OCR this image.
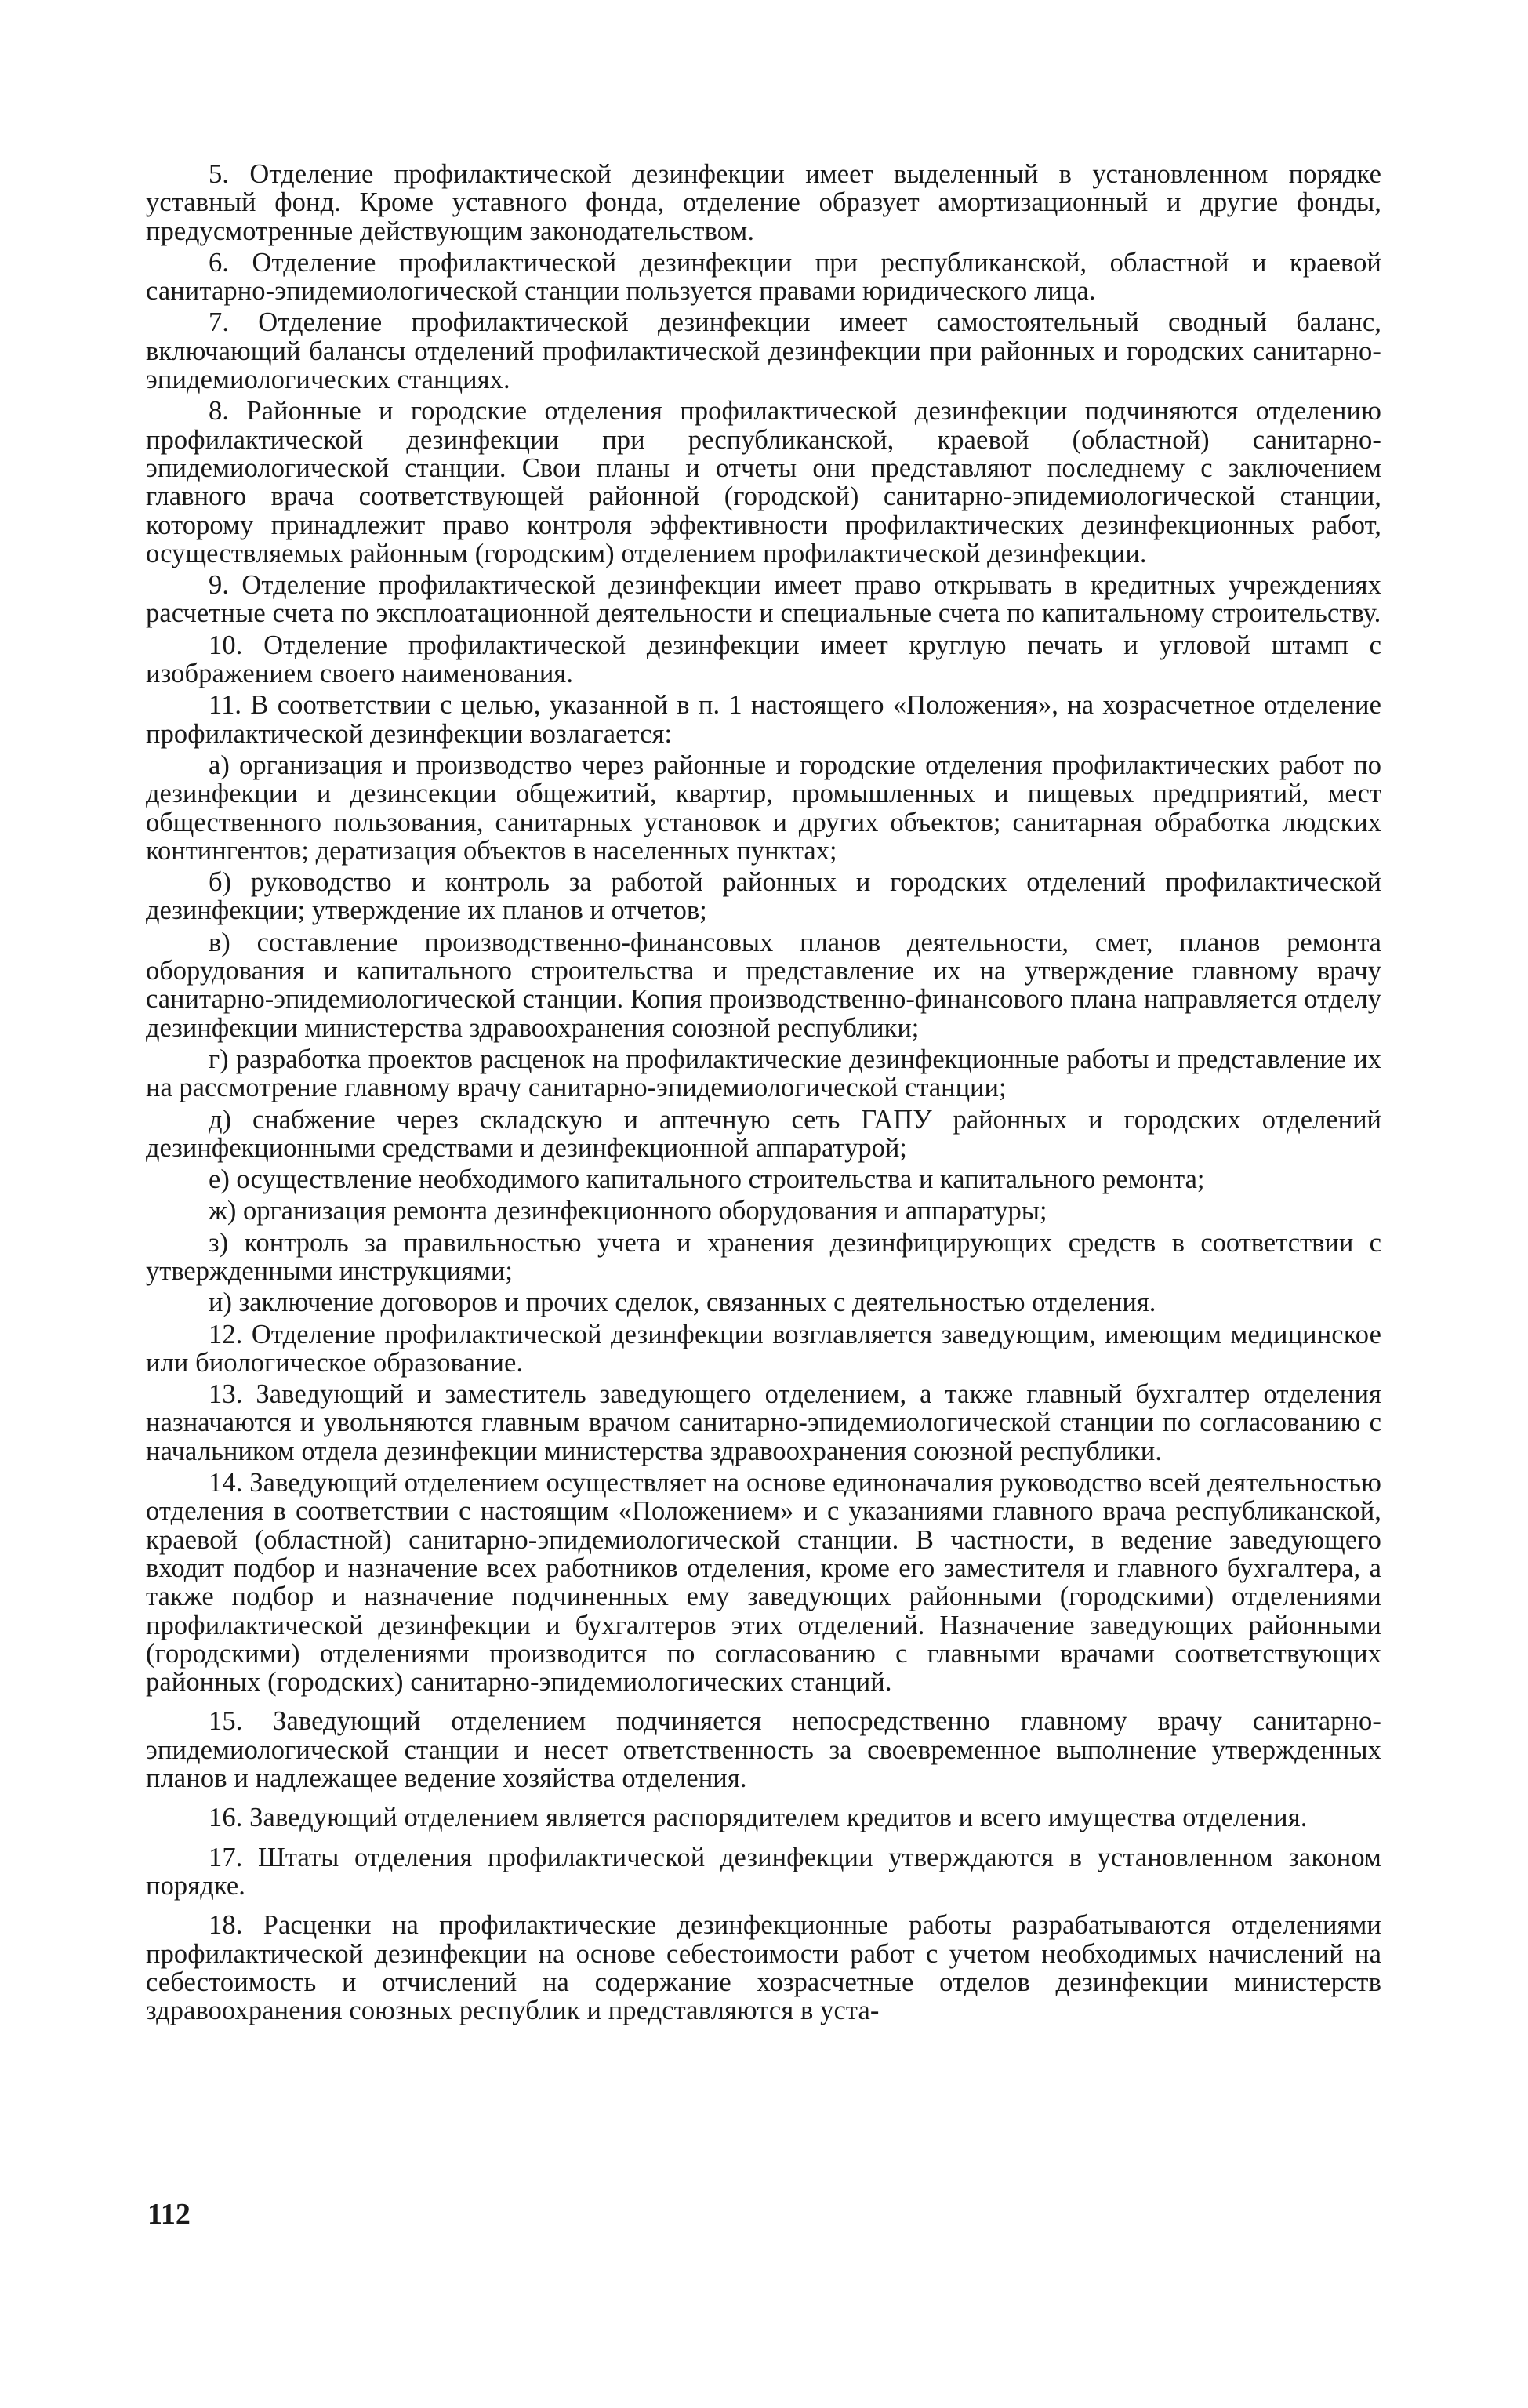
5. Отделение профилактической дезинфекции имеет выделенный в установленном порядке уставный фонд. Кроме уставного фонда, отделение образует амортизационный и другие фонды, предусмотренные действующим законодательством.

6. Отделение профилактической дезинфекции при республиканской, областной и краевой санитарно-эпидемиологической станции пользуется правами юридического лица.

7. Отделение профилактической дезинфекции имеет самостоятельный сводный баланс, включающий балансы отделений профилактической дезинфекции при районных и городских санитарно-эпидемиологических станциях.

8. Районные и городские отделения профилактической дезинфекции подчиняются отделению профилактической дезинфекции при республиканской, краевой (областной) санитарно-эпидемиологической станции. Свои планы и отчеты они представляют последнему с заключением главного врача соответствующей районной (городской) санитарно-эпидемиологической станции, которому принадлежит право контроля эффективности профилактических дезинфекционных работ, осуществляемых районным (городским) отделением профилактической дезинфекции.

9. Отделение профилактической дезинфекции имеет право открывать в кредитных учреждениях расчетные счета по эксплоатационной деятельности и специальные счета по капитальному строительству.

10. Отделение профилактической дезинфекции имеет круглую печать и угловой штамп с изображением своего наименования.

11. В соответствии с целью, указанной в п. 1 настоящего «Положения», на хозрасчетное отделение профилактической дезинфекции возлагается:

а) организация и производство через районные и городские отделения профилактических работ по дезинфекции и дезинсекции общежитий, квартир, промышленных и пищевых предприятий, мест общественного пользования, санитарных установок и других объектов; санитарная обработка людских контингентов; дератизация объектов в населенных пунктах;

б) руководство и контроль за работой районных и городских отделений профилактической дезинфекции; утверждение их планов и отчетов;

в) составление производственно-финансовых планов деятельности, смет, планов ремонта оборудования и капитального строительства и представление их на утверждение главному врачу санитарно-эпидемиологической станции. Копия производственно-финансового плана направляется отделу дезинфекции министерства здравоохранения союзной республики;

г) разработка проектов расценок на профилактические дезинфекционные работы и представление их на рассмотрение главному врачу санитарно-эпидемиологической станции;

д) снабжение через складскую и аптечную сеть ГАПУ районных и городских отделений дезинфекционными средствами и дезинфекционной аппаратурой;

е) осуществление необходимого капитального строительства и капитального ремонта;

ж) организация ремонта дезинфекционного оборудования и аппаратуры;

з) контроль за правильностью учета и хранения дезинфицирующих средств в соответствии с утвержденными инструкциями;

и) заключение договоров и прочих сделок, связанных с деятельностью отделения.

12. Отделение профилактической дезинфекции возглавляется заведующим, имеющим медицинское или биологическое образование.

13. Заведующий и заместитель заведующего отделением, а также главный бухгалтер отделения назначаются и увольняются главным врачом санитарно-эпидемиологической станции по согласованию с начальником отдела дезинфекции министерства здравоохранения союзной республики.

14. Заведующий отделением осуществляет на основе единоначалия руководство всей деятельностью отделения в соответствии с настоящим «Положением» и с указаниями главного врача республиканской, краевой (областной) санитарно-эпидемиологической станции. В частности, в ведение заведующего входит подбор и назначение всех работников отделения, кроме его заместителя и главного бухгалтера, а также подбор и назначение подчиненных ему заведующих районными (городскими) отделениями профилактической дезинфекции и бухгалтеров этих отделений. Назначение заведующих районными (городскими) отделениями производится по согласованию с главными врачами соответствующих районных (городских) санитарно-эпидемиологических станций.

15. Заведующий отделением подчиняется непосредственно главному врачу санитарно-эпидемиологической станции и несет ответственность за своевременное выполнение утвержденных планов и надлежащее ведение хозяйства отделения.

16. Заведующий отделением является распорядителем кредитов и всего имущества отделения.

17. Штаты отделения профилактической дезинфекции утверждаются в установленном законом порядке.

18. Расценки на профилактические дезинфекционные работы разрабатываются отделениями профилактической дезинфекции на основе себестоимости работ с учетом необходимых начислений на себестоимость и отчислений на содержание хозрасчетные отделов дезинфекции министерств здравоохранения союзных республик и представляются в уста-

112
